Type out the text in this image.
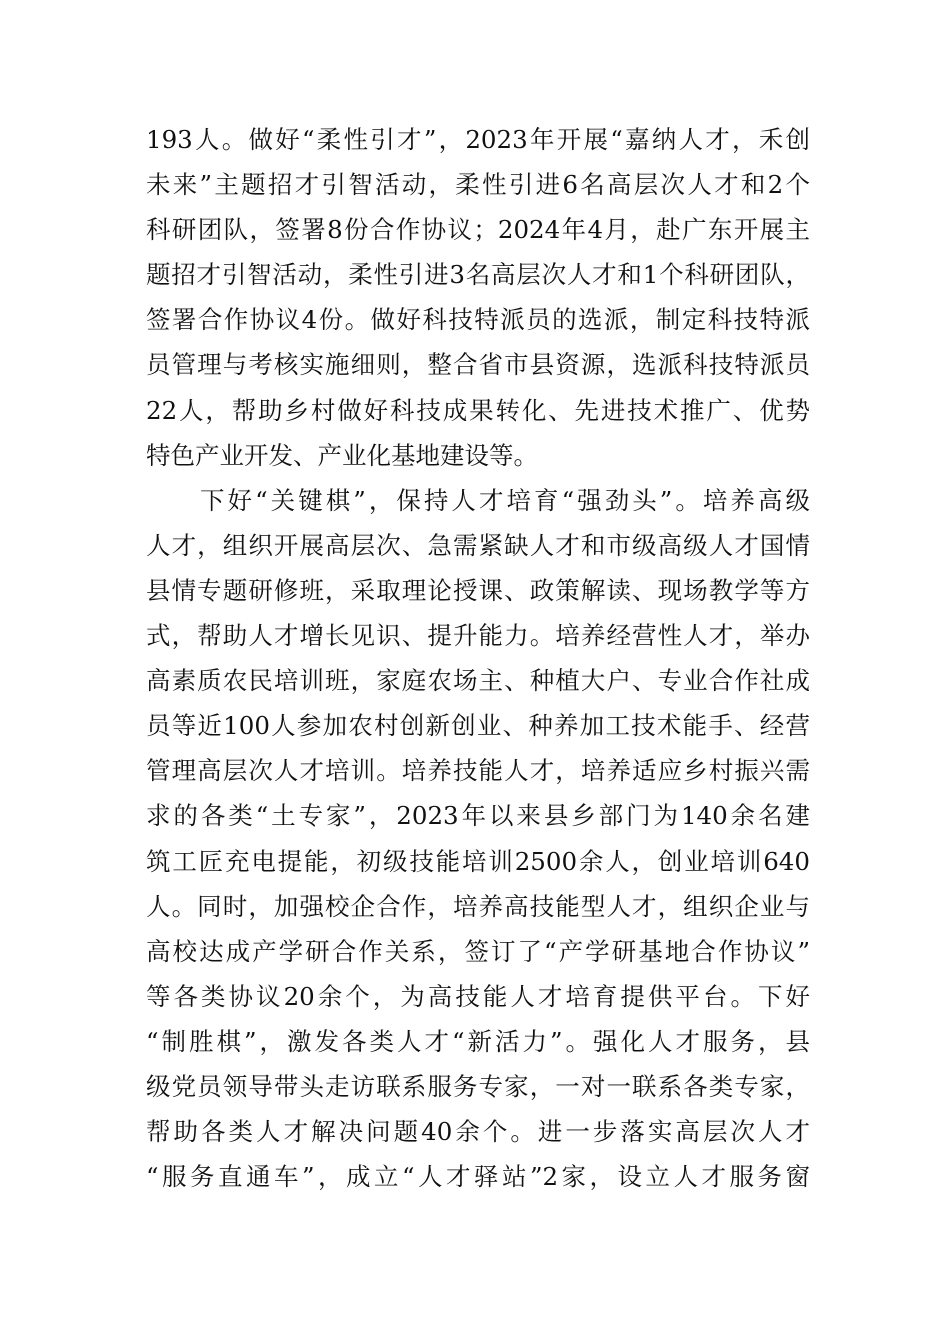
193人。做好“柔性引才”，2023年开展“嘉纳人才，禾创
未来”主题招才引智活动，柔性引进6名高层次人才和2个
科研团队，签署8份合作协议；2024年4月，赴广东开展主
题招才引智活动，柔性引进3名高层次人才和1个科研团队，
签署合作协议4份。做好科技特派员的选派，制定科技特派
员管理与考核实施细则，整合省市县资源，选派科技特派员
22人，帮助乡村做好科技成果转化、先进技术推广、优势
特色产业开发、产业化基地建设等。
下好“关键棋”，保持人才培育“强劲头”。培养高级
人才，组织开展高层次、急需紧缺人才和市级高级人才国情
县情专题研修班，采取理论授课、政策解读、现场教学等方
式，帮助人才增长见识、提升能力。培养经营性人才，举办
高素质农民培训班，家庭农场主、种植大户、专业合作社成
员等近100人参加农村创新创业、种养加工技术能手、经营
管理高层次人才培训。培养技能人才，培养适应乡村振兴需
求的各类“土专家”，2023年以来县乡部门为140余名建
筑工匠充电提能，初级技能培训2500余人，创业培训640
人。同时，加强校企合作，培养高技能型人才，组织企业与
高校达成产学研合作关系，签订了“产学研基地合作协议”
等各类协议20余个，为高技能人才培育提供平台。下好
“制胜棋”，激发各类人才“新活力”。强化人才服务，县
级党员领导带头走访联系服务专家，一对一联系各类专家，
帮助各类人才解决问题40余个。进一步落实高层次人才
“服务直通车”，成立“人才驿站”2家，设立人才服务窗
